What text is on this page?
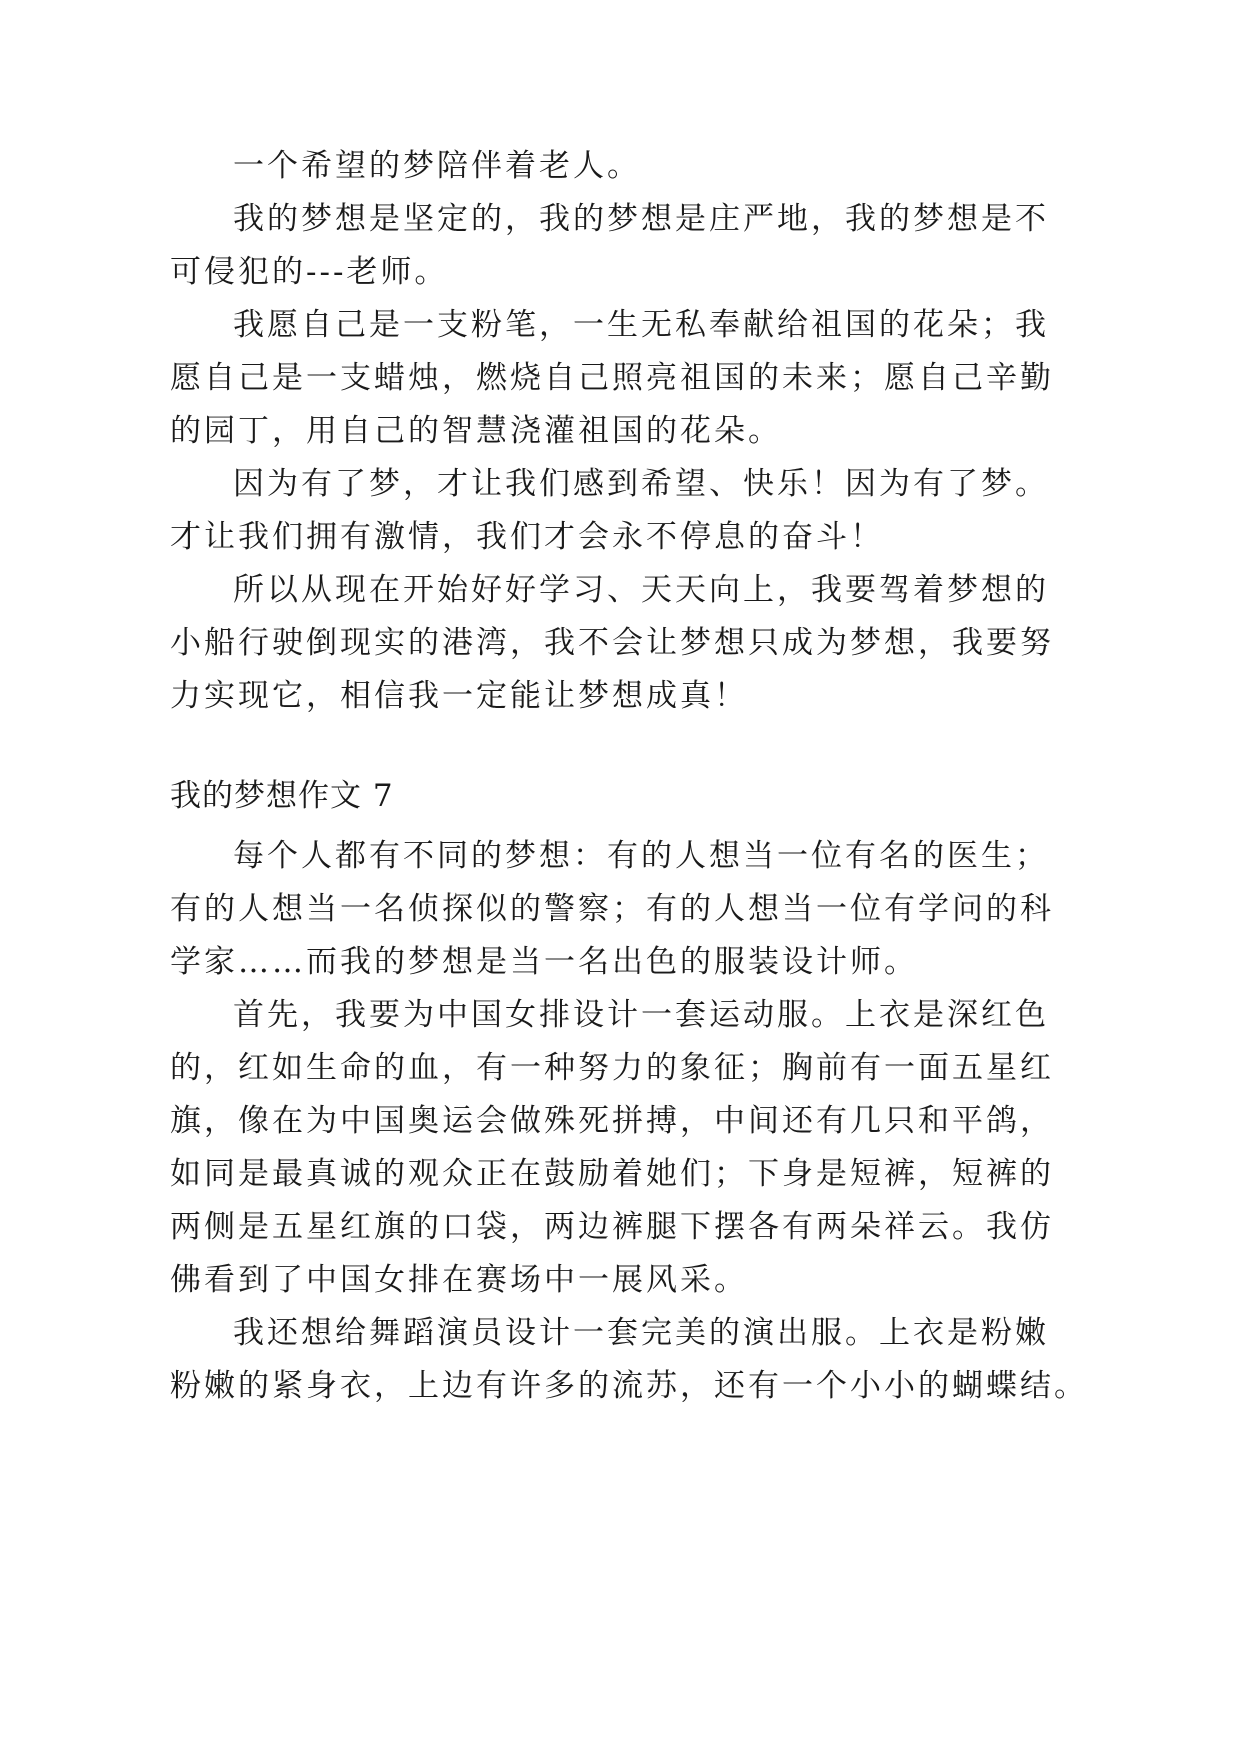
一个希望的梦陪伴着老人。
我的梦想是坚定的，我的梦想是庄严地，我的梦想是不
可侵犯的---老师。
我愿自己是一支粉笔，一生无私奉献给祖国的花朵；我
愿自己是一支蜡烛，燃烧自己照亮祖国的未来；愿自己辛勤
的园丁，用自己的智慧浇灌祖国的花朵。
因为有了梦，才让我们感到希望、快乐！因为有了梦。
才让我们拥有激情，我们才会永不停息的奋斗！
所以从现在开始好好学习、天天向上，我要驾着梦想的
小船行驶倒现实的港湾，我不会让梦想只成为梦想，我要努
力实现它，相信我一定能让梦想成真！
我的梦想作文 7
每个人都有不同的梦想：有的人想当一位有名的医生；
有的人想当一名侦探似的警察；有的人想当一位有学问的科
学家……而我的梦想是当一名出色的服装设计师。
首先，我要为中国女排设计一套运动服。上衣是深红色
的，红如生命的血，有一种努力的象征；胸前有一面五星红
旗，像在为中国奥运会做殊死拼搏，中间还有几只和平鸽，
如同是最真诚的观众正在鼓励着她们；下身是短裤，短裤的
两侧是五星红旗的口袋，两边裤腿下摆各有两朵祥云。我仿
佛看到了中国女排在赛场中一展风采。
我还想给舞蹈演员设计一套完美的演出服。上衣是粉嫩
粉嫩的紧身衣，上边有许多的流苏，还有一个小小的蝴蝶结。
